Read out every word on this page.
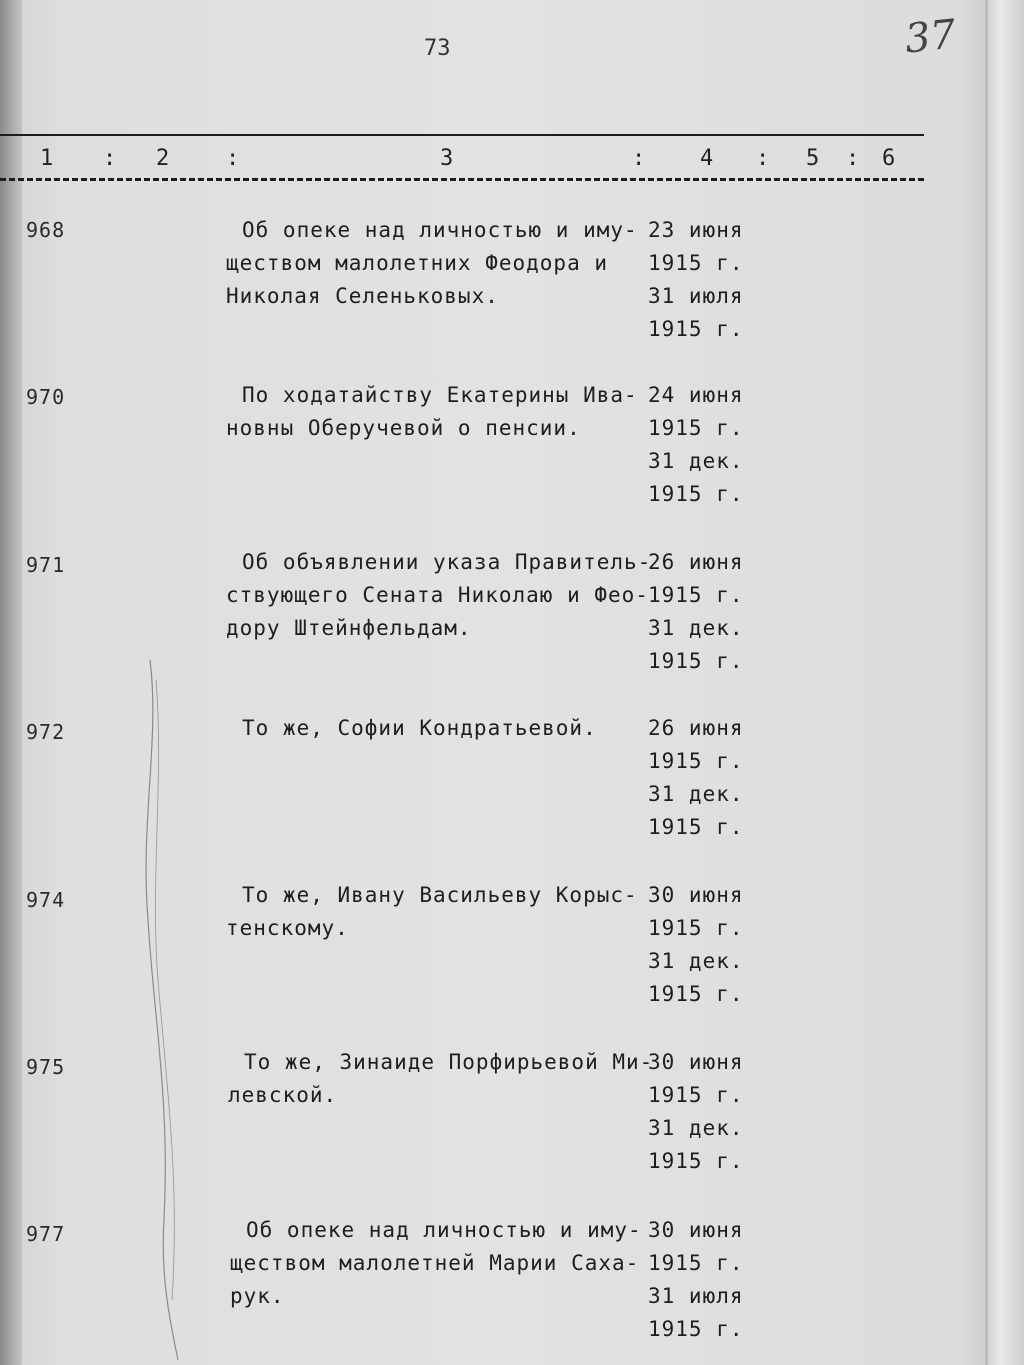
73	37
1 : 2	:	3	: 4 : 5 : 6
968	Об опеке над личностью и иму-
ществом малолетних Феодора и
Николая Селеньковых.
23 июня
1915 г.
31 июля
1915 г.
970	По ходатайству Екатерины Ива-
новны Оберучевой о пенсии.
24 июня
1915 г.
31 дек.
1915 г.
971	Об объявлении указа Правитель-
ствующего Сената Николаю и Фео-
дору Штейнфельдам.
26 июня
1915 г.
31 дек.
1915 г.
972	То же, Софии Кондратьевой. 26 июня
1915 г.
31 дек.
1915 г.
974	То же, Ивану Васильеву Корыс-
тенскому.
30 июня
1915 г.
31 дек.
1915 г.
975	То же, Зинаиде Порфирьевой Ми-
левской.
30 июня
1915 г.
31 дек.
1915 г.
977	Об опеке над личностью и иму-
ществом малолетней Марии Саха-
рук.
30 июня
1915 г.
31 июля
1915 г.
